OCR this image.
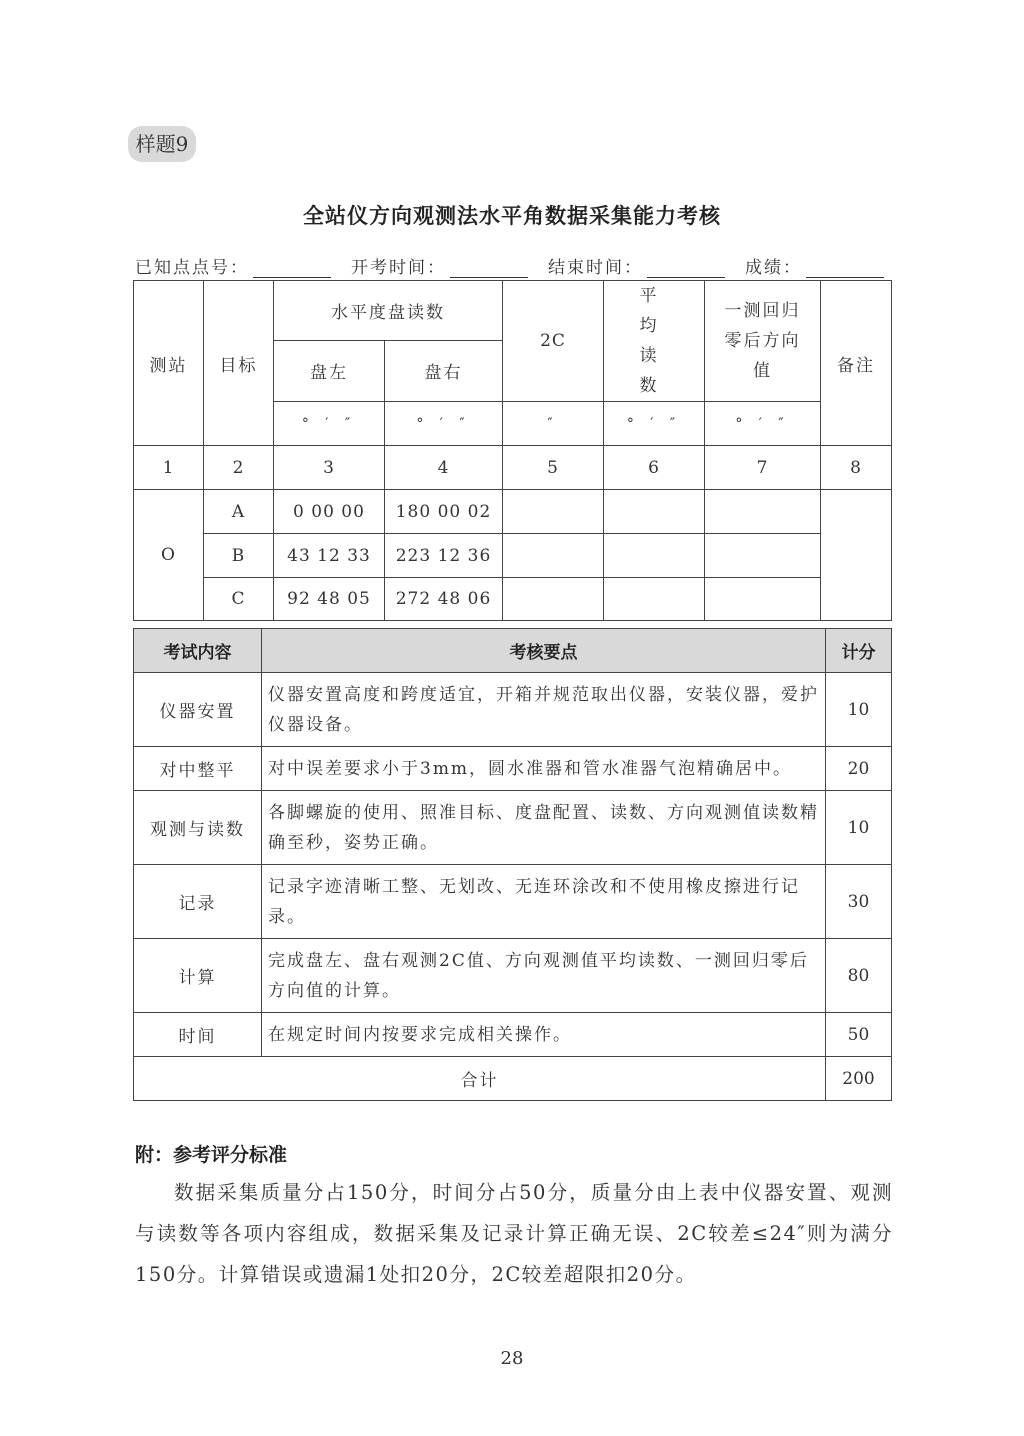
样题9
全站仪方向观测法水平角数据采集能力考核
已知点点号：	开考时间：	结束时间：	成绩：
测站	目标	水平度盘读数		2C	平均读数	一测回归零后方向值	备注
		盘左	盘右				
		° ′ ″	° ′ ″	″	° ′ ″	° ′ ″	
1	2	3	4	5	6	7	8
O	A	0 00 00	180 00 02				
	B	43 12 33	223 12 36				
	C	92 48 05	272 48 06				
考试内容	考核要点	计分
仪器安置	仪器安置高度和跨度适宜，开箱并规范取出仪器，安装仪器，爱护仪器设备。	10
对中整平	对中误差要求小于3mm，圆水准器和管水准器气泡精确居中。	20
观测与读数	各脚螺旋的使用、照准目标、度盘配置、读数、方向观测值读数精确至秒，姿势正确。	10
记录	记录字迹清晰工整、无划改、无连环涂改和不使用橡皮擦进行记录。	30
计算	完成盘左、盘右观测2C值、方向观测值平均读数、一测回归零后方向值的计算。	80
时间	在规定时间内按要求完成相关操作。	50
合计		200
附：参考评分标准
数据采集质量分占150分，时间分占50分，质量分由上表中仪器安置、观测与读数等各项内容组成，数据采集及记录计算正确无误、2C较差≤24″则为满分150分。计算错误或遗漏1处扣20分，2C较差超限扣20分。
28
